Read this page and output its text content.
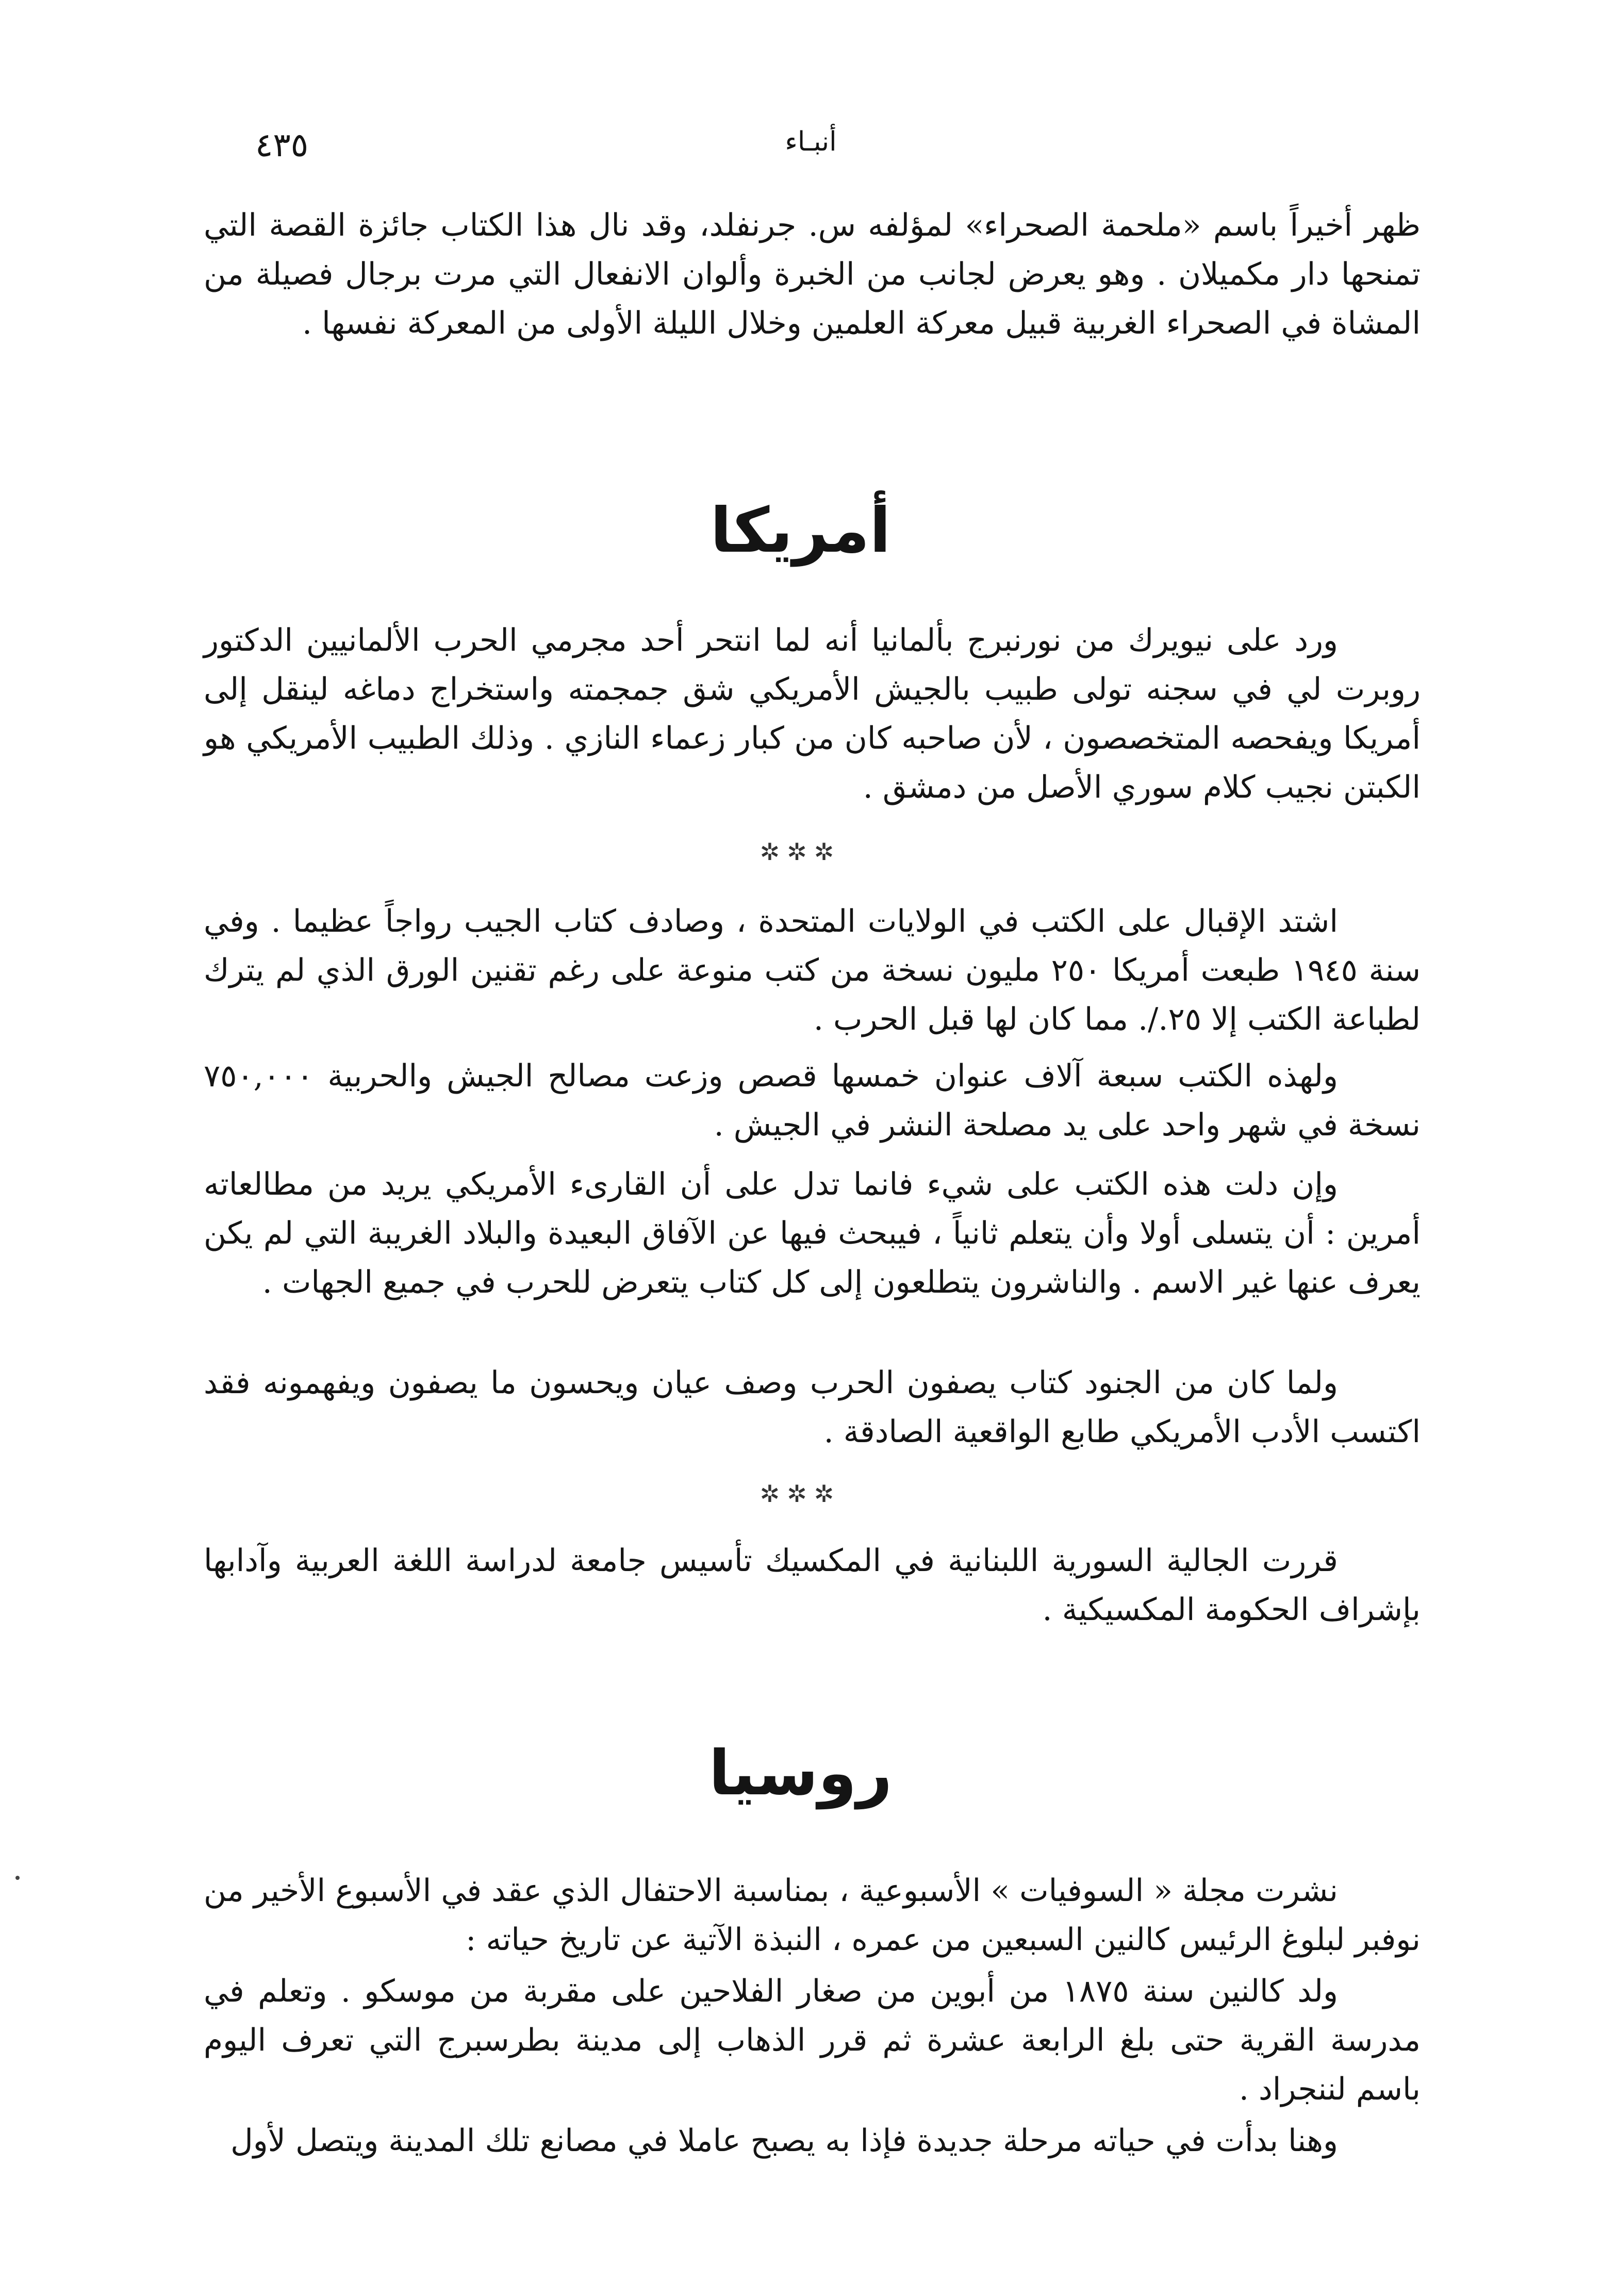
٤٣٥	أنبـاء

ظهر أخيراً باسم «ملحمة الصحراء» لمؤلفه س. جرنفلد، وقد نال هذا الكتاب جائزة القصة التي تمنحها دار مكميلان . وهو يعرض لجانب من الخبرة وألوان الانفعال التي مرت برجال فصيلة من المشاة في الصحراء الغربية قبيل معركة العلمين وخلال الليلة الأولى من المعركة نفسها .

أمريكا

ورد على نيويرك من نورنبرج بألمانيا أنه لما انتحر أحد مجرمي الحرب الألمانيين الدكتور روبرت لي في سجنه تولى طبيب بالجيش الأمريكي شق جمجمته واستخراج دماغه لينقل إلى أمريكا ويفحصه المتخصصون ، لأن صاحبه كان من كبار زعماء النازي . وذلك الطبيب الأمريكي هو الكبتن نجيب كلام سوري الأصل من دمشق .

✲✲✲

اشتد الإقبال على الكتب في الولايات المتحدة ، وصادف كتاب الجيب رواجاً عظيما . وفي سنة ١٩٤٥ طبعت أمريكا ٢٥٠ مليون نسخة من كتب منوعة على رغم تقنين الورق الذي لم يترك لطباعة الكتب إلا ٢٥./. مما كان لها قبل الحرب .

ولهذه الكتب سبعة آلاف عنوان خمسها قصص وزعت مصالح الجيش والحربية ٧٥٠,٠٠٠ نسخة في شهر واحد على يد مصلحة النشر في الجيش .

وإن دلت هذه الكتب على شيء فانما تدل على أن القارىء الأمريكي يريد من مطالعاته أمرين : أن يتسلى أولا وأن يتعلم ثانياً ، فيبحث فيها عن الآفاق البعيدة والبلاد الغريبة التي لم يكن يعرف عنها غير الاسم . والناشرون يتطلعون إلى كل كتاب يتعرض للحرب في جميع الجهات .

ولما كان من الجنود كتاب يصفون الحرب وصف عيان ويحسون ما يصفون ويفهمونه فقد اكتسب الأدب الأمريكي طابع الواقعية الصادقة .

✲✲✲

قررت الجالية السورية اللبنانية في المكسيك تأسيس جامعة لدراسة اللغة العربية وآدابها بإشراف الحكومة المكسيكية .

روسيا

نشرت مجلة « السوفيات » الأسبوعية ، بمناسبة الاحتفال الذي عقد في الأسبوع الأخير من نوفبر لبلوغ الرئيس كالنين السبعين من عمره ، النبذة الآتية عن تاريخ حياته :

ولد كالنين سنة ١٨٧٥ من أبوين من صغار الفلاحين على مقربة من موسكو . وتعلم في مدرسة القرية حتى بلغ الرابعة عشرة ثم قرر الذهاب إلى مدينة بطرسبرج التي تعرف اليوم باسم لننجراد .

وهنا بدأت في حياته مرحلة جديدة فإذا به يصبح عاملا في مصانع تلك المدينة ويتصل لأول
